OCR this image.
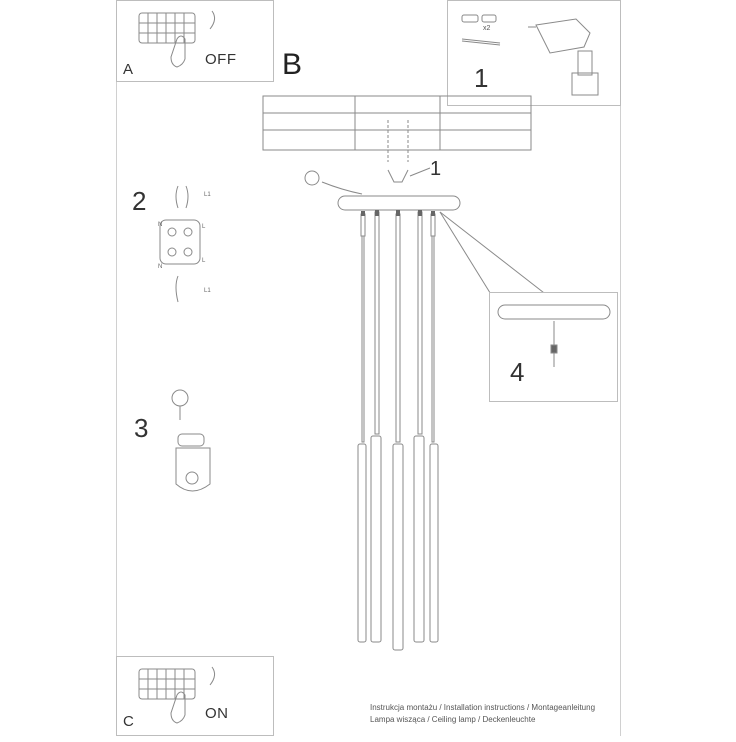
A
OFF
x2
1
B
L1
L1
N
N
L
L
2
3
1
4
C	ON	Instrukcja montażu / Installation instructions / Montageanleitung
Lampa wisząca / Ceiling lamp / Deckenleuchte
